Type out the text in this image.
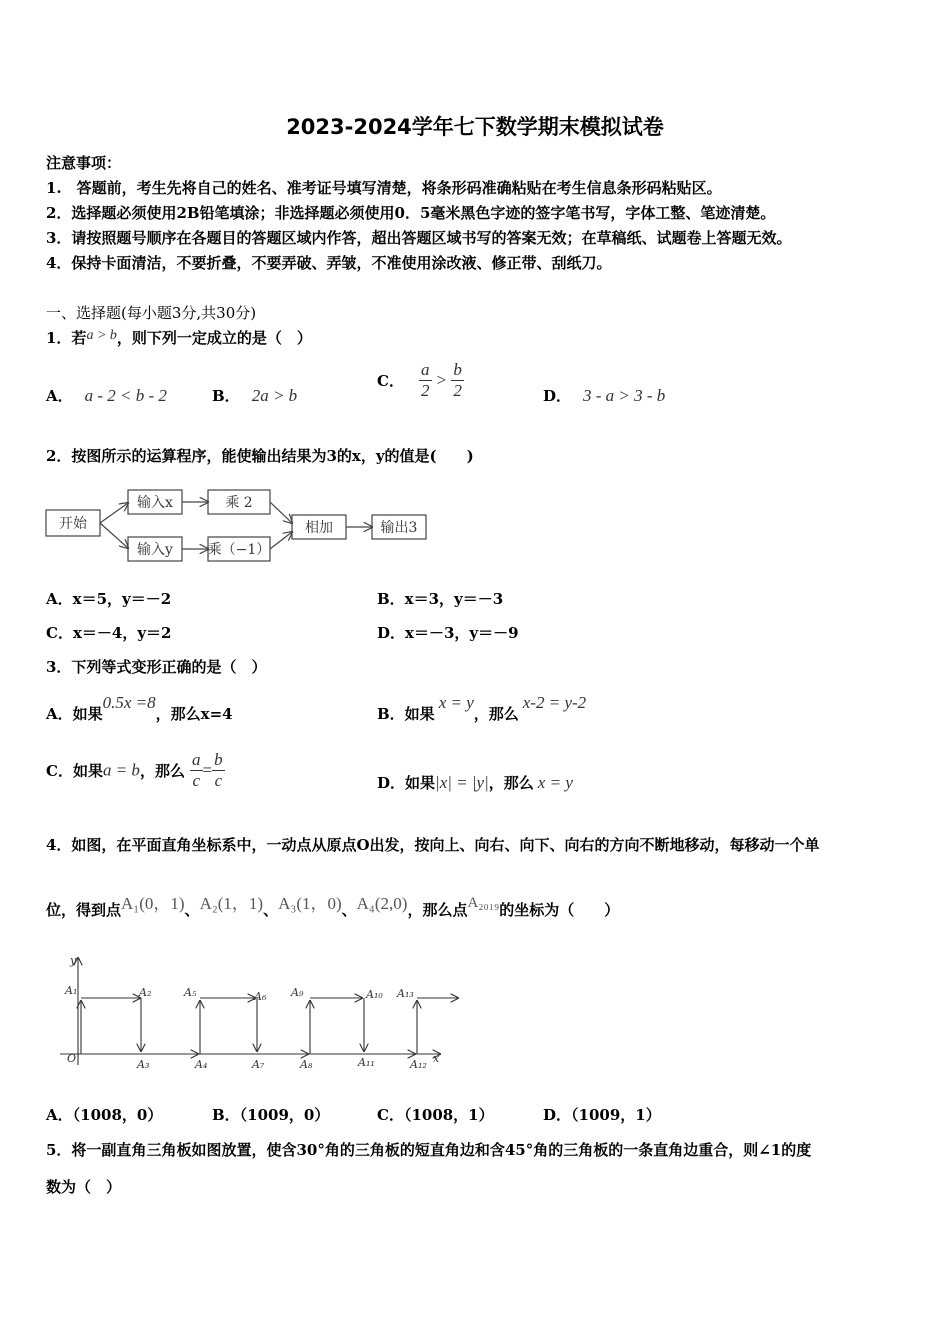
2023-2024学年七下数学期末模拟试卷
注意事项：
1.　答题前，考生先将自己的姓名、准考证号填写清楚，将条形码准确粘贴在考生信息条形码粘贴区。
2．选择题必须使用2B铅笔填涂；非选择题必须使用0．5毫米黑色字迹的签字笔书写，字体工整、笔迹清楚。
3．请按照题号顺序在各题目的答题区域内作答，超出答题区域书写的答案无效；在草稿纸、试题卷上答题无效。
4．保持卡面清洁，不要折叠，不要弄破、弄皱，不准使用涂改液、修正带、刮纸刀。
一、选择题(每小题3分,共30分)
1．若a > b，则下列一定成立的是（　）
A． a - 2 < b - 2	B． 2a > b
C． $\frac{a}{2} > \frac{b}{2}$	D． 3 - a > 3 - b
2．按图所示的运算程序，能使输出结果为3的x，y的值是(　　)
开始
输入x
输入y
乘 2
乘（−1）
相加	输出3
A．x＝5，y＝－2	B．x＝3，y＝－3
C．x＝－4，y＝2	D．x＝－3，y＝－9
3．下列等式变形正确的是（　）
A．如果0.5x =8，那么x=4	B．如果x = y，那么x-2 = y-2
C．如果a = b，那么 $\frac{a}{c} = \frac{b}{c}$	D．如果|x| = |y|，那么 x = y
4．如图，在平面直角坐标系中，一动点从原点O出发，按向上、向右、向下、向右的方向不断地移动，每移动一个单
位，得到点A₁(0，1)、A₂(1，1)、A₃(1，0)、A₄(2,0)，那么点A₂₀₁₉的坐标为（　　）
y
x
O
A₁	A₂
A₃	A₄
A₅	A₆
A₇	A₈
A₉	A₁₀
A₁₁	A₁₂
A₁₃
A．（1008，0）	B．（1009，0）	C．（1008，1）	D．（1009，1）
5．将一副直角三角板如图放置，使含30°角的三角板的短直角边和含45°角的三角板的一条直角边重合，则∠1的度
数为（　）
